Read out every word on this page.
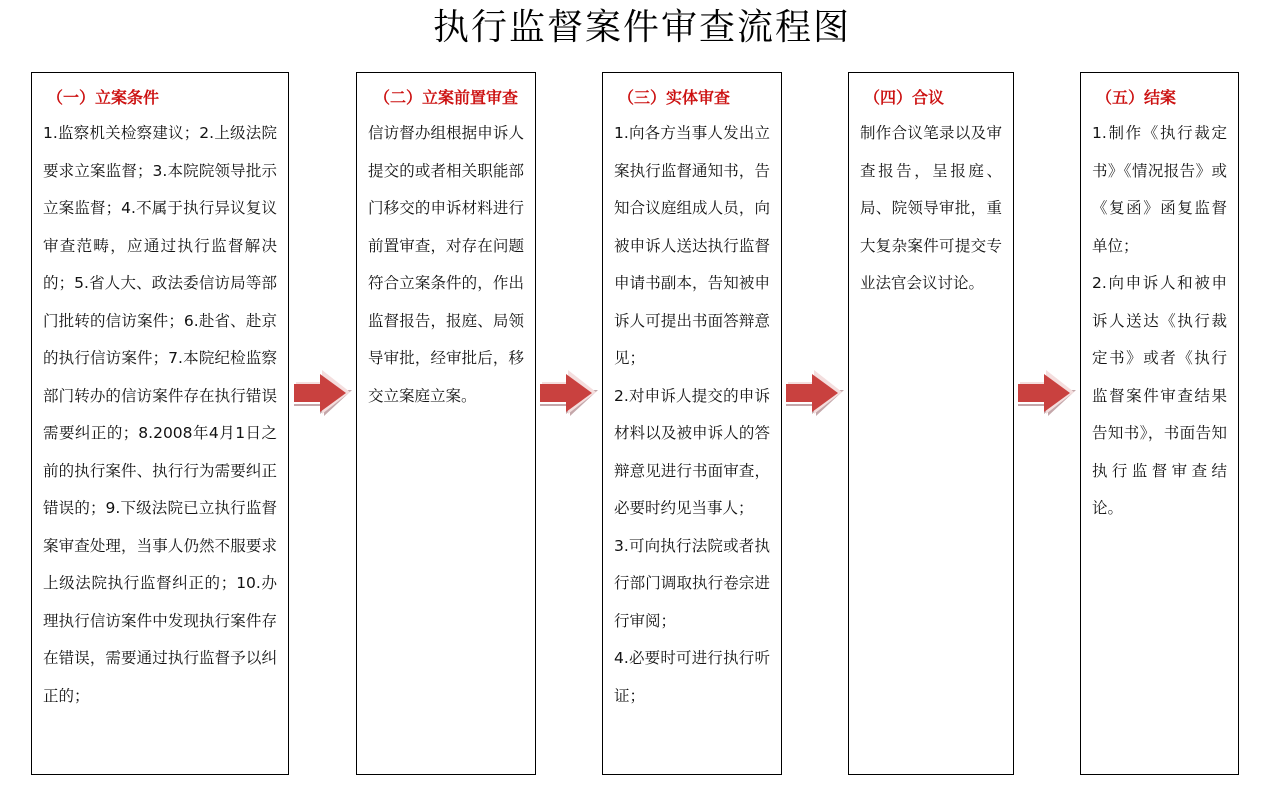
执行监督案件审查流程图
（一）立案条件

1.监察机关检察建议；2.上级法院要求立案监督；3.本院院领导批示立案监督；4.不属于执行异议复议审查范畴，应通过执行监督解决的；5.省人大、政法委信访局等部门批转的信访案件；6.赴省、赴京的执行信访案件；7.本院纪检监察部门转办的信访案件存在执行错误需要纠正的；8.2008年4月1日之前的执行案件、执行行为需要纠正错误的；9.下级法院已立执行监督案审查处理，当事人仍然不服要求上级法院执行监督纠正的；10.办理执行信访案件中发现执行案件存在错误，需要通过执行监督予以纠正的；

（二）立案前置审查

信访督办组根据申诉人提交的或者相关职能部门移交的申诉材料进行前置审查，对存在问题符合立案条件的，作出监督报告，报庭、局领导审批，经审批后，移交立案庭立案。

（三）实体审查

1.向各方当事人发出立案执行监督通知书，告知合议庭组成人员，向被申诉人送达执行监督申请书副本，告知被申诉人可提出书面答辩意见；

2.对申诉人提交的申诉材料以及被申诉人的答辩意见进行书面审查，必要时约见当事人；

3.可向执行法院或者执行部门调取执行卷宗进行审阅；

4.必要时可进行执行听证；

（四）合议

制作合议笔录以及审查报告，呈报庭、局、院领导审批，重大复杂案件可提交专业法官会议讨论。

（五）结案

1.制作《执行裁定书》《情况报告》或《复函》函复监督单位；

2.向申诉人和被申诉人送达《执行裁定书》或者《执行监督案件审查结果告知书》，书面告知执行监督审查结论。
